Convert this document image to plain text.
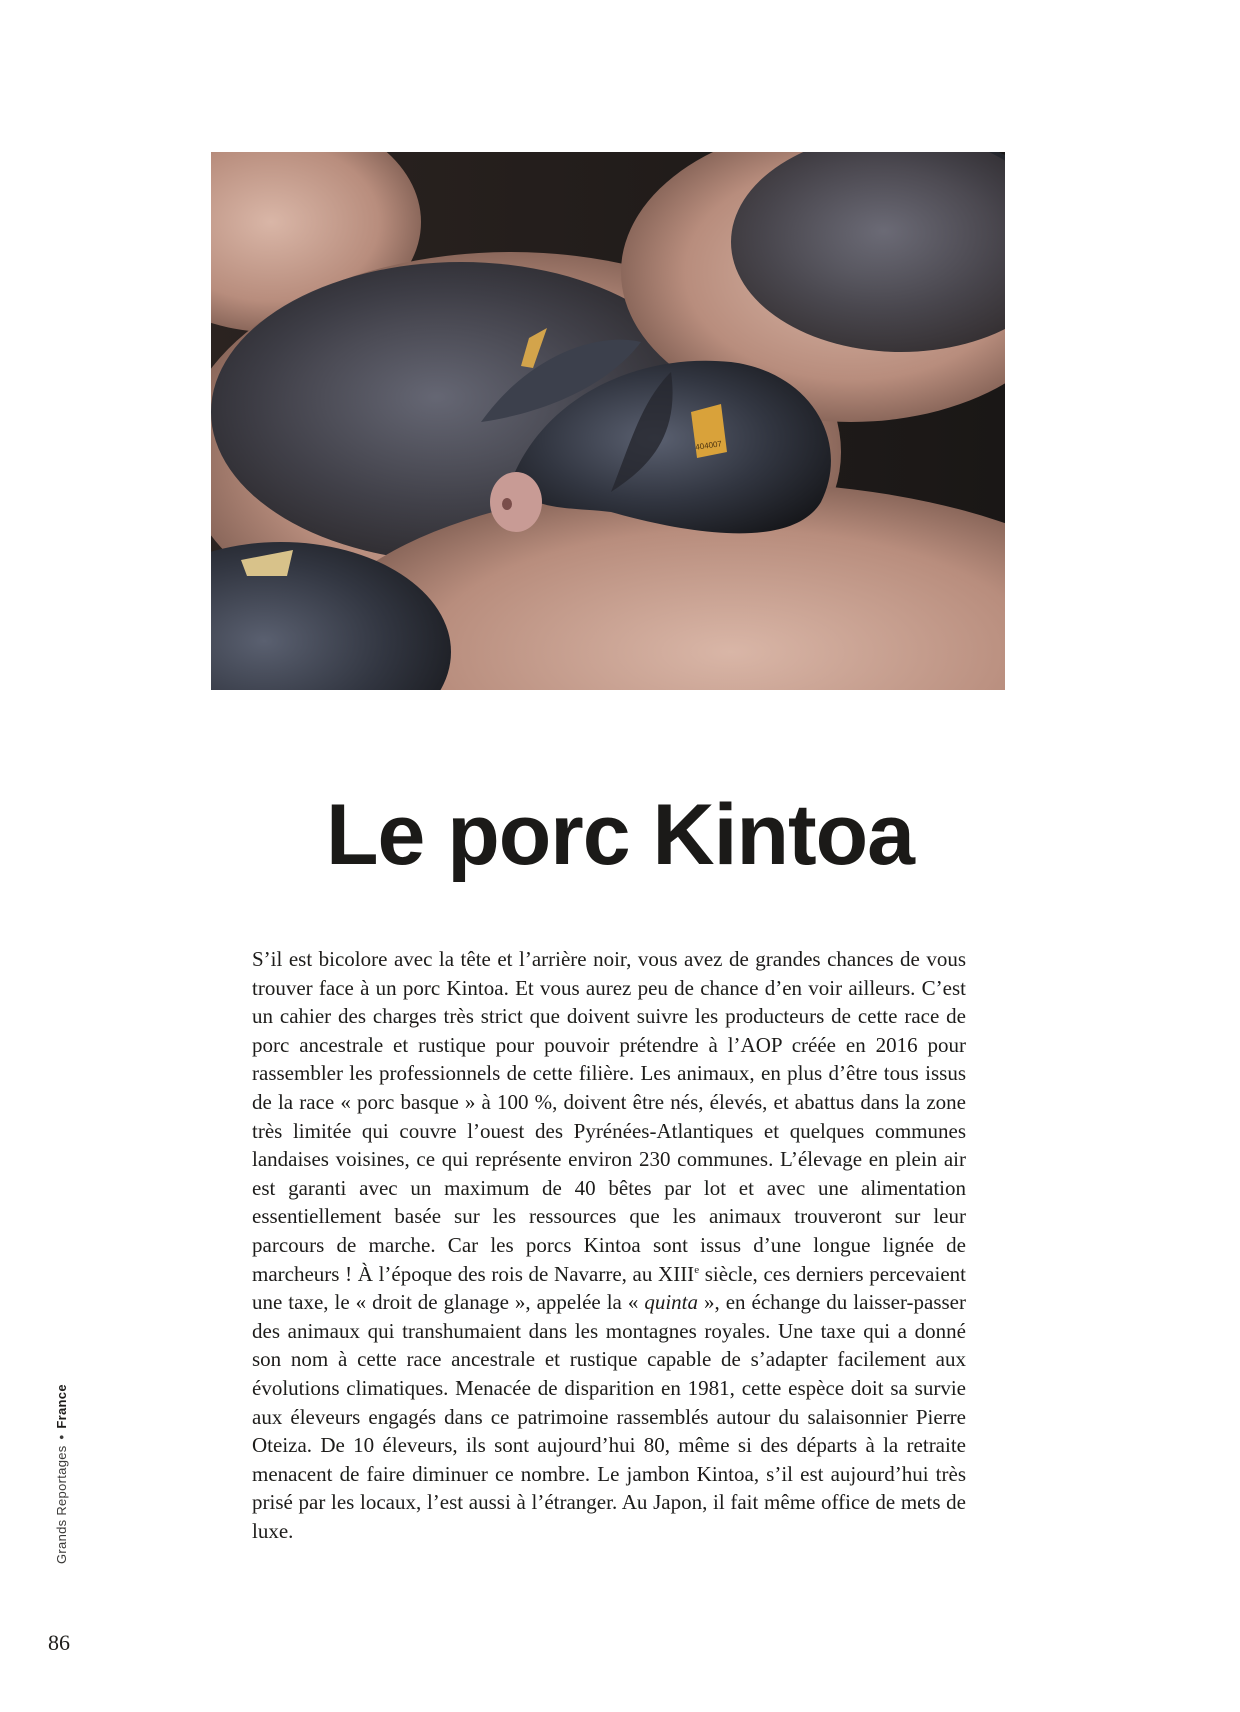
404007
Le porc Kintoa
S’il est bicolore avec la tête et l’arrière noir, vous avez de grandes chances de vous trouver face à un porc Kintoa. Et vous aurez peu de chance d’en voir ailleurs. C’est un cahier des charges très strict que doivent suivre les producteurs de cette race de porc ancestrale et rustique pour pouvoir prétendre à l’AOP créée en 2016 pour rassembler les professionnels de cette filière. Les animaux, en plus d’être tous issus de la race « porc basque » à 100 %, doivent être nés, élevés, et abattus dans la zone très limitée qui couvre l’ouest des Pyrénées-Atlantiques et quelques communes landaises voisines, ce qui représente environ 230 communes. L’élevage en plein air est garanti avec un maximum de 40 bêtes par lot et avec une alimentation essentiellement basée sur les ressources que les animaux trouveront sur leur parcours de marche. Car les porcs Kintoa sont issus d’une longue lignée de marcheurs ! À l’époque des rois de Navarre, au XIIIe siècle, ces derniers percevaient une taxe, le « droit de glanage », appelée la « quinta », en échange du laisser-passer des animaux qui transhumaient dans les montagnes royales. Une taxe qui a donné son nom à cette race ancestrale et rustique capable de s’adapter facilement aux évolutions climatiques. Menacée de disparition en 1981, cette espèce doit sa survie aux éleveurs engagés dans ce patrimoine rassemblés autour du salaisonnier Pierre Oteiza. De 10 éleveurs, ils sont aujourd’hui 80, même si des départs à la retraite menacent de faire diminuer ce nombre. Le jambon Kintoa, s’il est aujourd’hui très prisé par les locaux, l’est aussi à l’étranger. Au Japon, il fait même office de mets de luxe.
Grands Reportages•France
86
